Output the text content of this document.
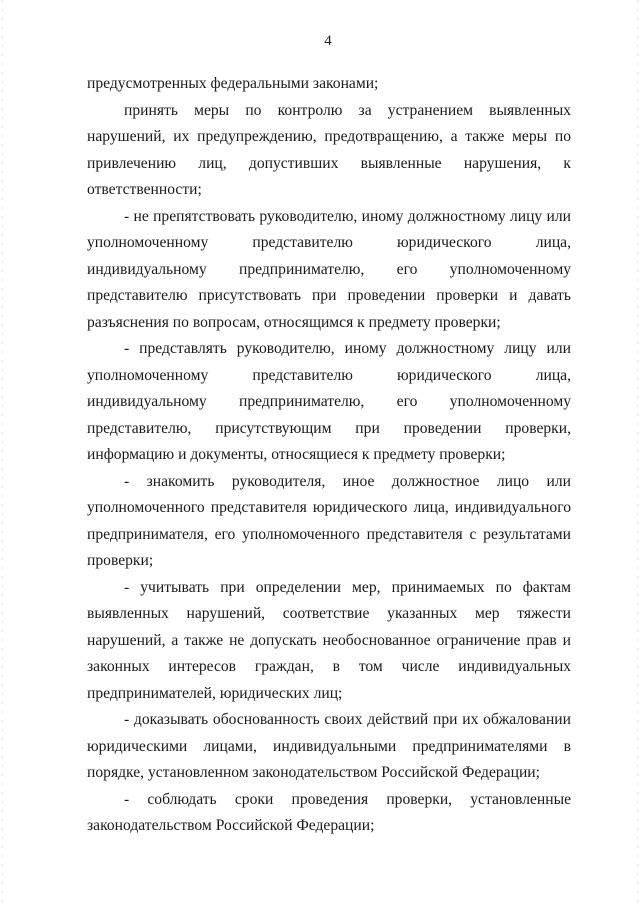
4

предусмотренных федеральными законами;

принять меры по контролю за устранением выявленных нарушений, их предупреждению, предотвращению, а также меры по привлечению лиц, допустивших выявленные нарушения, к ответственности;

- не препятствовать руководителю, иному должностному лицу или уполномоченному представителю юридического лица, индивидуальному предпринимателю, его уполномоченному представителю присутствовать при проведении проверки и давать разъяснения по вопросам, относящимся к предмету проверки;

- представлять руководителю, иному должностному лицу или уполномоченному представителю юридического лица, индивидуальному предпринимателю, его уполномоченному представителю, присутствующим при проведении проверки, информацию и документы, относящиеся к предмету проверки;

- знакомить руководителя, иное должностное лицо или уполномоченного представителя юридического лица, индивидуального предпринимателя, его уполномоченного представителя с результатами проверки;

- учитывать при определении мер, принимаемых по фактам выявленных нарушений, соответствие указанных мер тяжести нарушений, а также не допускать необоснованное ограничение прав и законных интересов граждан, в том числе индивидуальных предпринимателей, юридических лиц;

- доказывать обоснованность своих действий при их обжаловании юридическими лицами, индивидуальными предпринимателями в порядке, установленном законодательством Российской Федерации;

- соблюдать сроки проведения проверки, установленные законодательством Российской Федерации;
